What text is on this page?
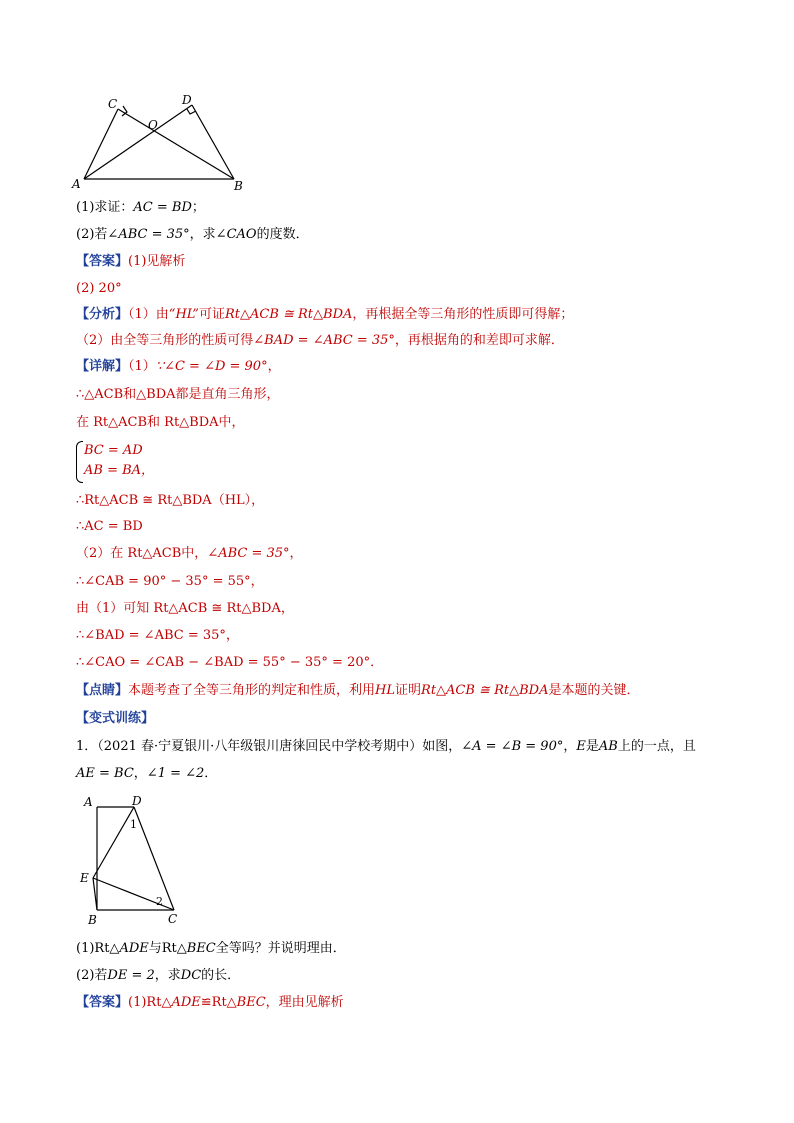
C	D
O
A	B
(1)求证：AC = BD；
(2)若∠ABC = 35°，求∠CAO的度数．
【答案】(1)见解析
(2) 20°
【分析】（1）由“HL”可证Rt△ACB ≅ Rt△BDA，再根据全等三角形的性质即可得解；
（2）由全等三角形的性质可得∠BAD = ∠ABC = 35°，再根据角的和差即可求解．
【详解】（1）∵∠C = ∠D = 90°，
∴△ACB和△BDA都是直角三角形，
在 Rt△ACB和 Rt△BDA中，
BC = AD
AB = BA，
∴Rt△ACB ≅ Rt△BDA（HL），
∴AC = BD
（2）在 Rt△ACB中，∠ABC = 35°，
∴∠CAB = 90° − 35° = 55°，
由（1）可知 Rt△ACB ≅ Rt△BDA，
∴∠BAD = ∠ABC = 35°，
∴∠CAO = ∠CAB − ∠BAD = 55° − 35° = 20°．
【点睛】本题考查了全等三角形的判定和性质，利用HL证明Rt△ACB ≅ Rt△BDA是本题的关键．
【变式训练】
1．（2021 春·宁夏银川·八年级银川唐徕回民中学校考期中）如图，∠A = ∠B = 90°，E是AB上的一点，且
AE = BC，∠1 = ∠2．
A	D
1
E
2
B	C
(1)Rt△ADE与Rt△BEC全等吗？并说明理由．
(2)若DE = 2，求DC的长．
【答案】(1)Rt△ADE≌Rt△BEC，理由见解析
